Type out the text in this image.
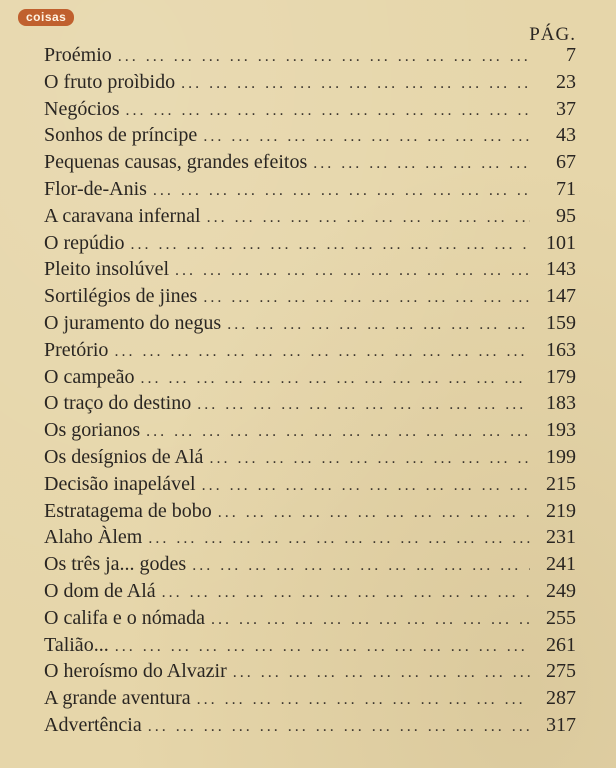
coisas
PÁG.
Proémio ... .	7
O fruto proìbido ... .	23
Negócios ... .	37
Sonhos de príncipe ... .	43
Pequenas causas, grandes efeitos ... .	67
Flor-de-Anis ... .	71
A caravana infernal ... .	95
O repúdio ... .	101
Pleito insolúvel ... .	143
Sortilégios de jines ... .	147
O juramento do negus ... .	159
Pretório ... .	163
O campeão ... .	179
O traço do destino ... .	183
Os gorianos ... .	193
Os desígnios de Alá ... .	199
Decisão inapelável ... .	215
Estratagema de bobo ... .	219
Alaho Àlem ... .	231
Os três ja... godes ... .	241
O dom de Alá ... .	249
O califa e o nómada ... .	255
Talião... ... .	261
O heroísmo do Alvazir ... .	275
A grande aventura ... .	287
Advertência ... .	317
